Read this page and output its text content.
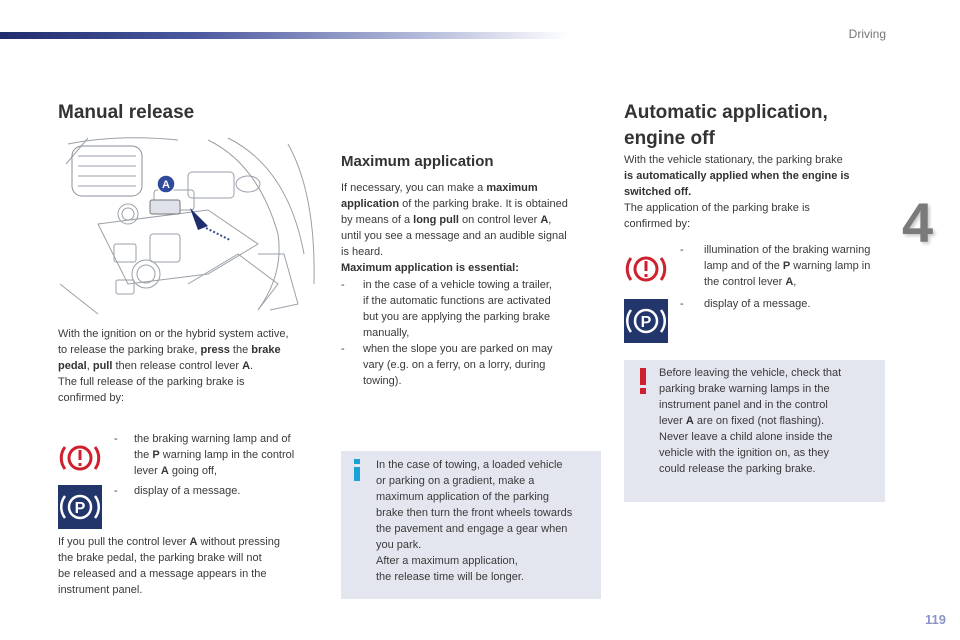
Driving
4
119
Manual release
A
With the ignition on or the hybrid system active,
to release the parking brake, press the brake
pedal, pull then release control lever A.
The full release of the parking brake is
confirmed by:
-	the braking warning lamp and of
the P warning lamp in the control
lever A going off,
P
-	display of a message.
If you pull the control lever A without pressing
the brake pedal, the parking brake will not
be released and a message appears in the
instrument panel.
Maximum application
If necessary, you can make a maximum
application of the parking brake. It is obtained
by means of a long pull on control lever A,
until you see a message and an audible signal
is heard.
Maximum application is essential:
-	in the case of a vehicle towing a trailer,
if the automatic functions are activated
but you are applying the parking brake
manually,
-	when the slope you are parked on may
vary (e.g. on a ferry, on a lorry, during
towing).
In the case of towing, a loaded vehicle
or parking on a gradient, make a
maximum application of the parking
brake then turn the front wheels towards
the pavement and engage a gear when
you park.
After a maximum application,
the release time will be longer.
Automatic application,
engine off
With the vehicle stationary, the parking brake
is automatically applied when the engine is
switched off.
The application of the parking brake is
confirmed by:
-	illumination of the braking warning
lamp and of the P warning lamp in
the control lever A,
P
-	display of a message.
Before leaving the vehicle, check that
parking brake warning lamps in the
instrument panel and in the control
lever A are on fixed (not flashing).
Never leave a child alone inside the
vehicle with the ignition on, as they
could release the parking brake.
